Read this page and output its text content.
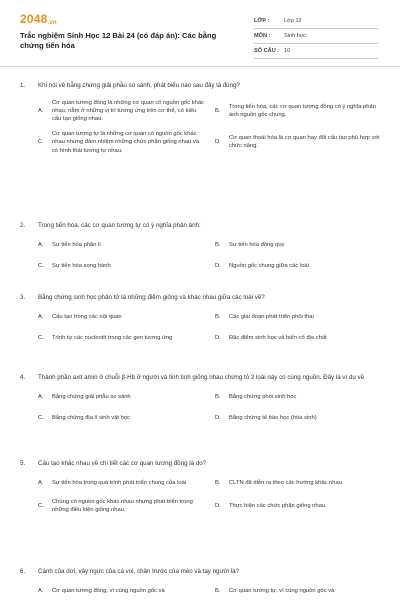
2048.vn
Trắc nghiệm Sinh Học 12 Bài 24 (có đáp án): Các bằng chứng tiến hóa
LỚP :	Lớp 12
MÔN :	Sinh học
SỐ CÂU : 10
1.	Khi nói về bằng chứng giải phẫu so sánh, phát biểu nào sau đây là đúng?
A.
Cơ quan tương đồng là những cơ quan có nguồn gốc khác nhau, nằm ở những vị trí tương ứng trên cơ thể, có kiểu cấu tạo giống nhau.
B.
Trong tiến hóa, các cơ quan tương đồng có ý nghĩa phản ánh nguồn gốc chung.
C.
Cơ quan tương tự là những cơ quan có nguồn gốc khác nhau nhưng đảm nhiệm những chức phận giống nhau và có hình thái tương tự nhau.
D.
Cơ quan thoái hóa là cơ quan hay đổi cấu tạo phù hợp với chức năng.
2.	Trong tiến hóa, các cơ quan tương tự có ý nghĩa phản ánh:
A.	Sự tiến hóa phân li	B.	Sự tiến hóa đồng quy
C.	Sự tiến hóa song hành	D.	Nguồn gốc chung giữa các loài
3.	Bằng chứng sinh học phân tử là những điểm giống và khác nhau giữa các loài về?
A.	Cấu tạo trong các nội quan	B.	Các giai đoạn phát triển phôi thai
C.	Trình tự các nucleotit trong các gen tương ứng	D.	Đặc điểm sinh học và biến cố địa chất
4.	Thành phần axit amin ở chuỗi β-Hb ở người và tinh tinh giống nhau chứng tỏ 2 loài này có cùng nguồn. Đây là ví dụ về
A.	Bằng chứng giải phẫu so sánh	B.	Bằng chứng phôi sinh học
C.	Bằng chứng địa lí sinh vật học	D.	Bằng chứng tế bào học (hóa sinh)
5.	Cấu tạo khác nhau về chi tiết các cơ quan tương đồng là do?
A.	Sự tiến hóa trong quá trình phát triển chung của loài	B.	CLTN đã diễn ra theo các hướng khác nhau
C.
Chúng có nguồn gốc khác nhau nhưng phát triển trong những điều kiện giống nhau.
D.	Thực hiện các chức phận giống nhau.
6.	Cánh của dơi, vây ngực của cá voi, chân trước của mèo và tay người là?
A.	Cơ quan tương đồng, vì cùng nguồn gốc và	B.	Cơ quan tương tự, vì cùng nguồn gốc và
